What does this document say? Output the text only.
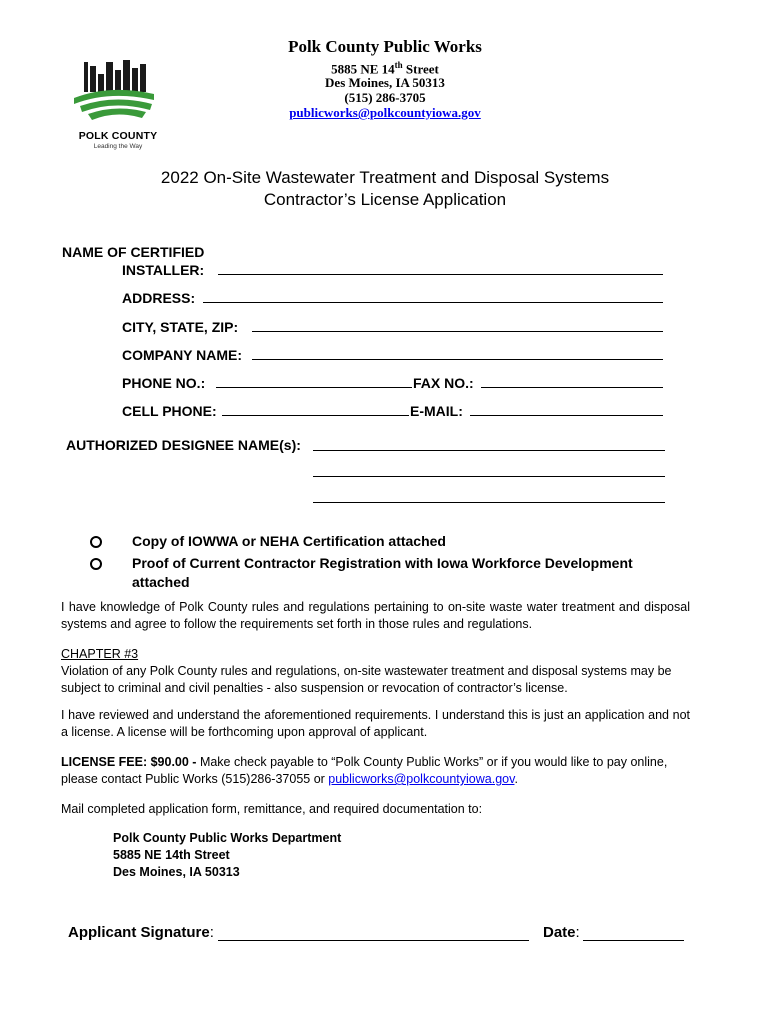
Polk County Public Works
5885 NE 14th Street
Des Moines, IA 50313
(515) 286-3705
publicworks@polkcountyiowa.gov
POLK COUNTY
Leading the Way
2022 On-Site Wastewater Treatment and Disposal Systems
Contractor’s License Application
NAME OF CERTIFIED
INSTALLER:
ADDRESS:
CITY, STATE, ZIP:
COMPANY NAME:
PHONE NO.:	FAX NO.:
CELL PHONE:	E-MAIL:
AUTHORIZED DESIGNEE NAME(s):
Copy of IOWWA or NEHA Certification attached
Proof of Current Contractor Registration with Iowa Workforce Development attached
I have knowledge of Polk County rules and regulations pertaining to on-site waste water treatment and disposal systems and agree to follow the requirements set forth in those rules and regulations.
CHAPTER #3
Violation of any Polk County rules and regulations, on-site wastewater treatment and disposal systems may be subject to criminal and civil penalties - also suspension or revocation of contractor’s license.
I have reviewed and understand the aforementioned requirements. I understand this is just an application and not a license. A license will be forthcoming upon approval of applicant.
LICENSE FEE: $90.00 - Make check payable to “Polk County Public Works” or if you would like to pay online, please contact Public Works (515)286-37055 or publicworks@polkcountyiowa.gov.
Mail completed application form, remittance, and required documentation to:
Polk County Public Works Department
5885 NE 14th Street
Des Moines, IA 50313
Applicant Signature:	Date:
